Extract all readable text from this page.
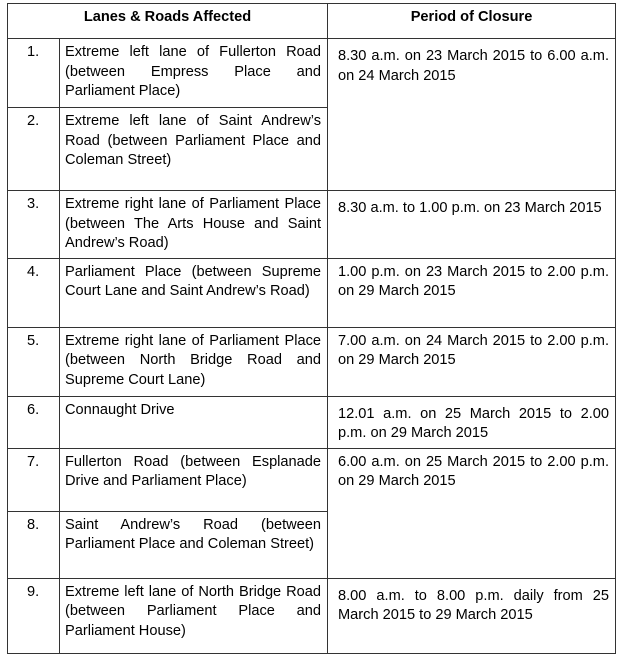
Lanes & Roads Affected		Period of Closure
1.	Extreme left lane of Fullerton Road (between Empress Place and Parliament Place)	8.30 a.m. on 23 March 2015 to 6.00 a.m. on 24 March 2015
2.	Extreme left lane of Saint Andrew’s Road (between Parliament Place and Coleman Street)	
3.	Extreme right lane of Parliament Place (between The Arts House and Saint Andrew’s Road)	8.30 a.m. to 1.00 p.m. on 23 March 2015
4.	Parliament Place (between Supreme Court Lane and Saint Andrew’s Road)	1.00 p.m. on 23 March 2015 to 2.00 p.m. on 29 March 2015
5.	Extreme right lane of Parliament Place (between North Bridge Road and Supreme Court Lane)	7.00 a.m. on 24 March 2015 to 2.00 p.m. on 29 March 2015
6.	Connaught Drive	12.01 a.m. on 25 March 2015 to 2.00 p.m. on 29 March 2015
7.	Fullerton Road (between Esplanade Drive and Parliament Place)	6.00 a.m. on 25 March 2015 to 2.00 p.m. on 29 March 2015
8.	Saint Andrew’s Road (between Parliament Place and Coleman Street)	
9.	Extreme left lane of North Bridge Road (between Parliament Place and Parliament House)	8.00 a.m. to 8.00 p.m. daily from 25 March 2015 to 29 March 2015
